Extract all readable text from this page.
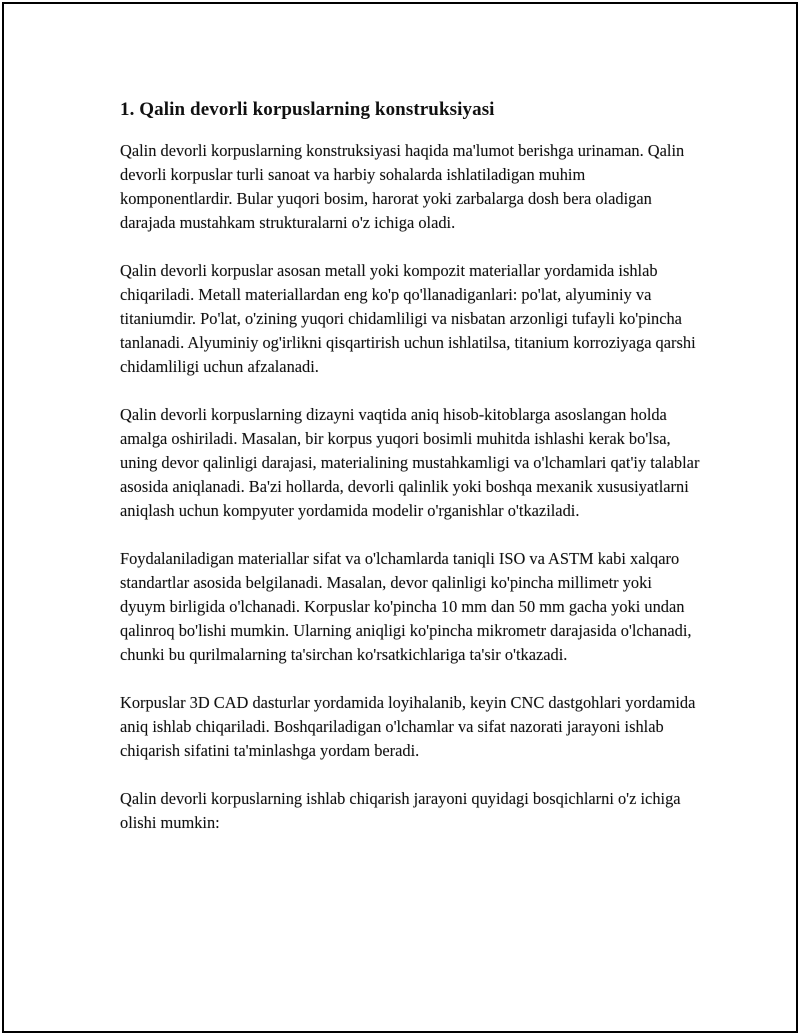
1. Qalin devorli korpuslarning konstruksiyasi

Qalin devorli korpuslarning konstruksiyasi haqida ma'lumot berishga urinaman. Qalin devorli korpuslar turli sanoat va harbiy sohalarda ishlatiladigan muhim komponentlardir. Bular yuqori bosim, harorat yoki zarbalarga dosh bera oladigan darajada mustahkam strukturalarni o'z ichiga oladi.

Qalin devorli korpuslar asosan metall yoki kompozit materiallar yordamida ishlab chiqariladi. Metall materiallardan eng ko'p qo'llanadiganlari: po'lat, alyuminiy va titaniumdir. Po'lat, o'zining yuqori chidamliligi va nisbatan arzonligi tufayli ko'pincha tanlanadi. Alyuminiy og'irlikni qisqartirish uchun ishlatilsa, titanium korroziyaga qarshi chidamliligi uchun afzalanadi.

Qalin devorli korpuslarning dizayni vaqtida aniq hisob-kitoblarga asoslangan holda amalga oshiriladi. Masalan, bir korpus yuqori bosimli muhitda ishlashi kerak bo'lsa, uning devor qalinligi darajasi, materialining mustahkamligi va o'lchamlari qat'iy talablar asosida aniqlanadi. Ba'zi hollarda, devorli qalinlik yoki boshqa mexanik xususiyatlarni aniqlash uchun kompyuter yordamida modelir o'rganishlar o'tkaziladi.

Foydalaniladigan materiallar sifat va o'lchamlarda taniqli ISO va ASTM kabi xalqaro standartlar asosida belgilanadi. Masalan, devor qalinligi ko'pincha millimetr yoki dyuym birligida o'lchanadi. Korpuslar ko'pincha 10 mm dan 50 mm gacha yoki undan qalinroq bo'lishi mumkin. Ularning aniqligi ko'pincha mikrometr darajasida o'lchanadi, chunki bu qurilmalarning ta'sirchan ko'rsatkichlariga ta'sir o'tkazadi.

Korpuslar 3D CAD dasturlar yordamida loyihalanib, keyin CNC dastgohlari yordamida aniq ishlab chiqariladi. Boshqariladigan o'lchamlar va sifat nazorati jarayoni ishlab chiqarish sifatini ta'minlashga yordam beradi.

Qalin devorli korpuslarning ishlab chiqarish jarayoni quyidagi bosqichlarni o'z ichiga olishi mumkin:
